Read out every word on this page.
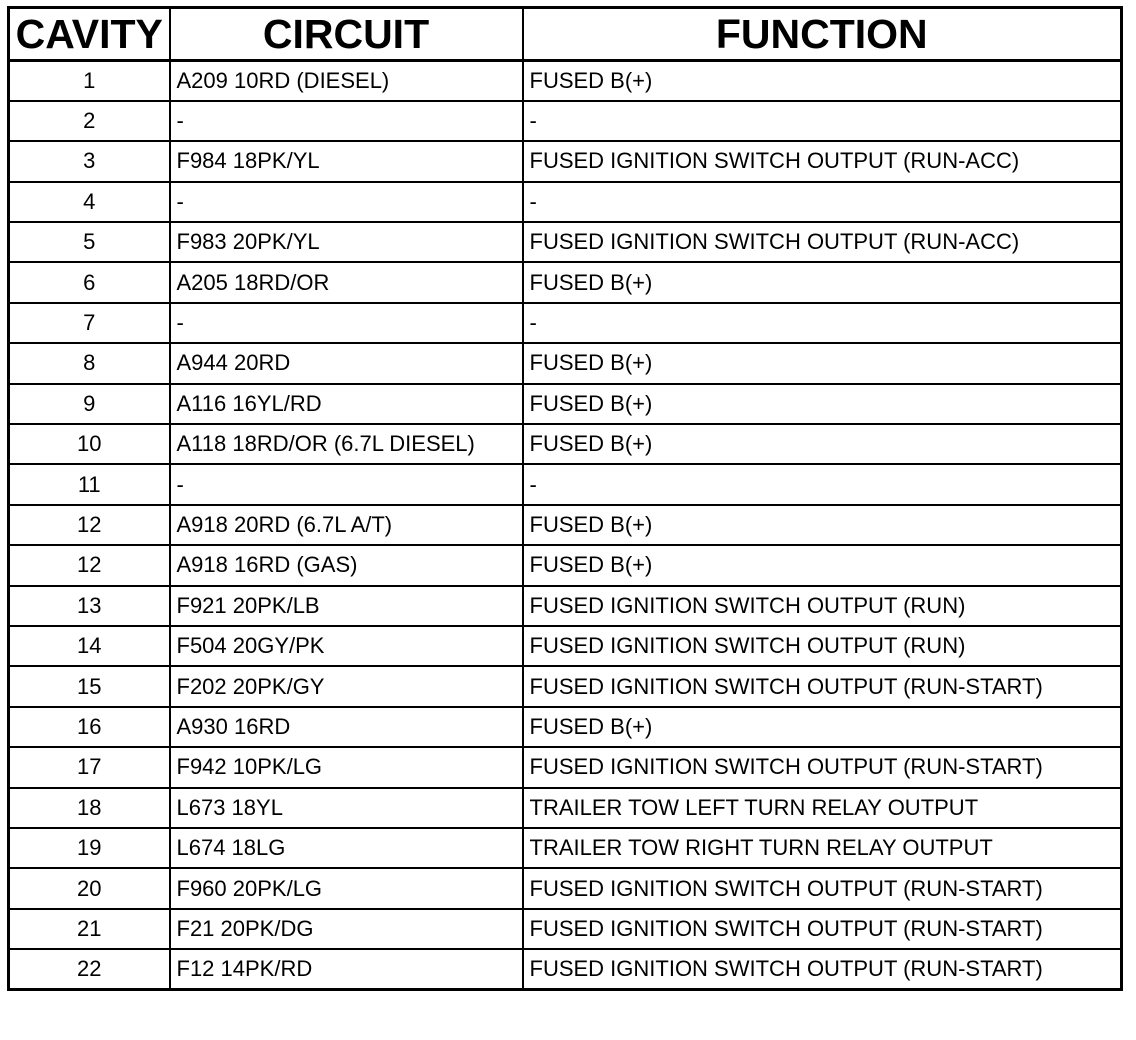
CAVITY	CIRCUIT	FUNCTION
1	A209 10RD (DIESEL)	FUSED B(+)
2	-	-
3	F984 18PK/YL	FUSED IGNITION SWITCH OUTPUT (RUN-ACC)
4	-	-
5	F983 20PK/YL	FUSED IGNITION SWITCH OUTPUT (RUN-ACC)
6	A205 18RD/OR	FUSED B(+)
7	-	-
8	A944 20RD	FUSED B(+)
9	A116 16YL/RD	FUSED B(+)
10	A118 18RD/OR (6.7L DIESEL)	FUSED B(+)
11	-	-
12	A918 20RD (6.7L A/T)	FUSED B(+)
12	A918 16RD (GAS)	FUSED B(+)
13	F921 20PK/LB	FUSED IGNITION SWITCH OUTPUT (RUN)
14	F504 20GY/PK	FUSED IGNITION SWITCH OUTPUT (RUN)
15	F202 20PK/GY	FUSED IGNITION SWITCH OUTPUT (RUN-START)
16	A930 16RD	FUSED B(+)
17	F942 10PK/LG	FUSED IGNITION SWITCH OUTPUT (RUN-START)
18	L673 18YL	TRAILER TOW LEFT TURN RELAY OUTPUT
19	L674 18LG	TRAILER TOW RIGHT TURN RELAY OUTPUT
20	F960 20PK/LG	FUSED IGNITION SWITCH OUTPUT (RUN-START)
21	F21 20PK/DG	FUSED IGNITION SWITCH OUTPUT (RUN-START)
22	F12 14PK/RD	FUSED IGNITION SWITCH OUTPUT (RUN-START)
